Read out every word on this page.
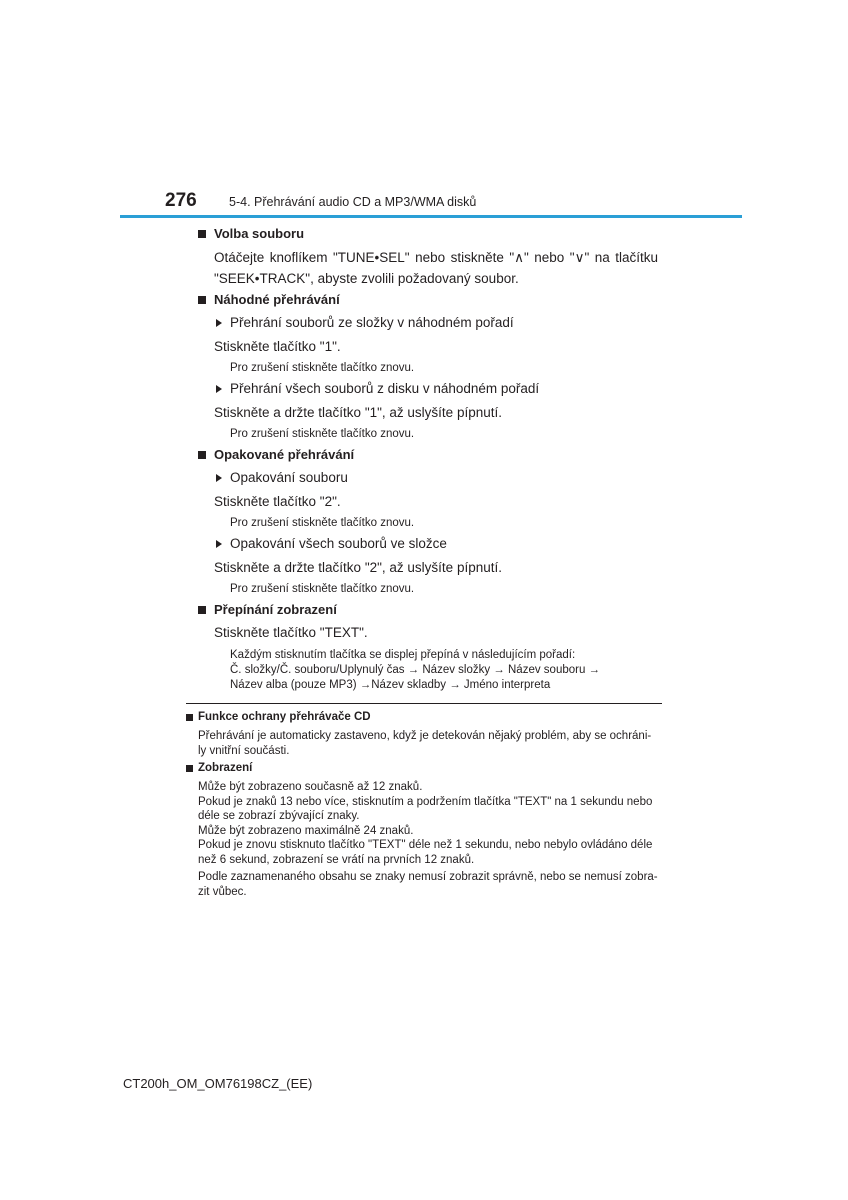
276	5-4. Přehrávání audio CD a MP3/WMA disků
Volba souboru
Otáčejte knoflíkem "TUNE•SEL" nebo stiskněte "∧" nebo "∨" na tlačítku "SEEK•TRACK", abyste zvolili požadovaný soubor.
Náhodné přehrávání
Přehrání souborů ze složky v náhodném pořadí
Stiskněte tlačítko "1".
Pro zrušení stiskněte tlačítko znovu.
Přehrání všech souborů z disku v náhodném pořadí
Stiskněte a držte tlačítko "1", až uslyšíte pípnutí.
Pro zrušení stiskněte tlačítko znovu.
Opakované přehrávání
Opakování souboru
Stiskněte tlačítko "2".
Pro zrušení stiskněte tlačítko znovu.
Opakování všech souborů ve složce
Stiskněte a držte tlačítko "2", až uslyšíte pípnutí.
Pro zrušení stiskněte tlačítko znovu.
Přepínání zobrazení
Stiskněte tlačítko "TEXT".
Každým stisknutím tlačítka se displej přepíná v následujícím pořadí:
Č. složky/Č. souboru/Uplynulý čas → Název složky → Název souboru →
Název alba (pouze MP3) →Název skladby → Jméno interpreta
Funkce ochrany přehrávače CD
Přehrávání je automaticky zastaveno, když je detekován nějaký problém, aby se ochráni-
ly vnitřní součásti.
Zobrazení
Může být zobrazeno současně až 12 znaků.
Pokud je znaků 13 nebo více, stisknutím a podržením tlačítka "TEXT" na 1 sekundu nebo
déle se zobrazí zbývající znaky.
Může být zobrazeno maximálně 24 znaků.
Pokud je znovu stisknuto tlačítko "TEXT" déle než 1 sekundu, nebo nebylo ovládáno déle
než 6 sekund, zobrazení se vrátí na prvních 12 znaků.
Podle zaznamenaného obsahu se znaky nemusí zobrazit správně, nebo se nemusí zobra-
zit vůbec.
CT200h_OM_OM76198CZ_(EE)
